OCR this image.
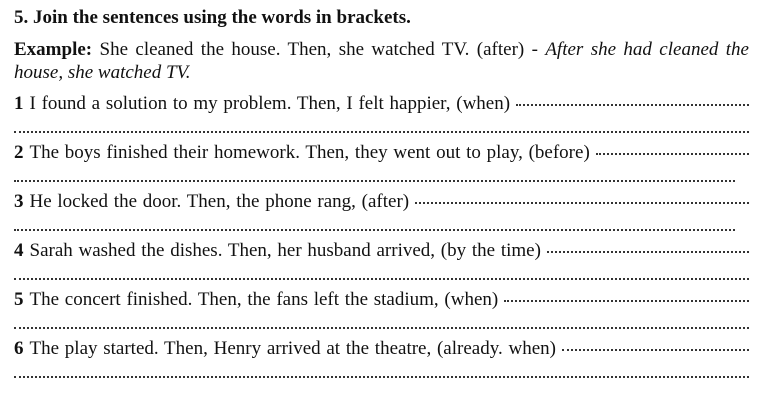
5. Join the sentences using the words in brackets.
Example: She cleaned the house. Then, she watched TV. (after) - After she had cleaned the house, she watched TV.
1 I found a solution to my problem. Then, I felt happier, (when)
2 The boys finished their homework. Then, they went out to play, (before)
3 He locked the door. Then, the phone rang, (after)
4 Sarah washed the dishes. Then, her husband arrived, (by the time)
5 The concert finished. Then, the fans left the stadium, (when)
6 The play started. Then, Henry arrived at the theatre, (already. when)
